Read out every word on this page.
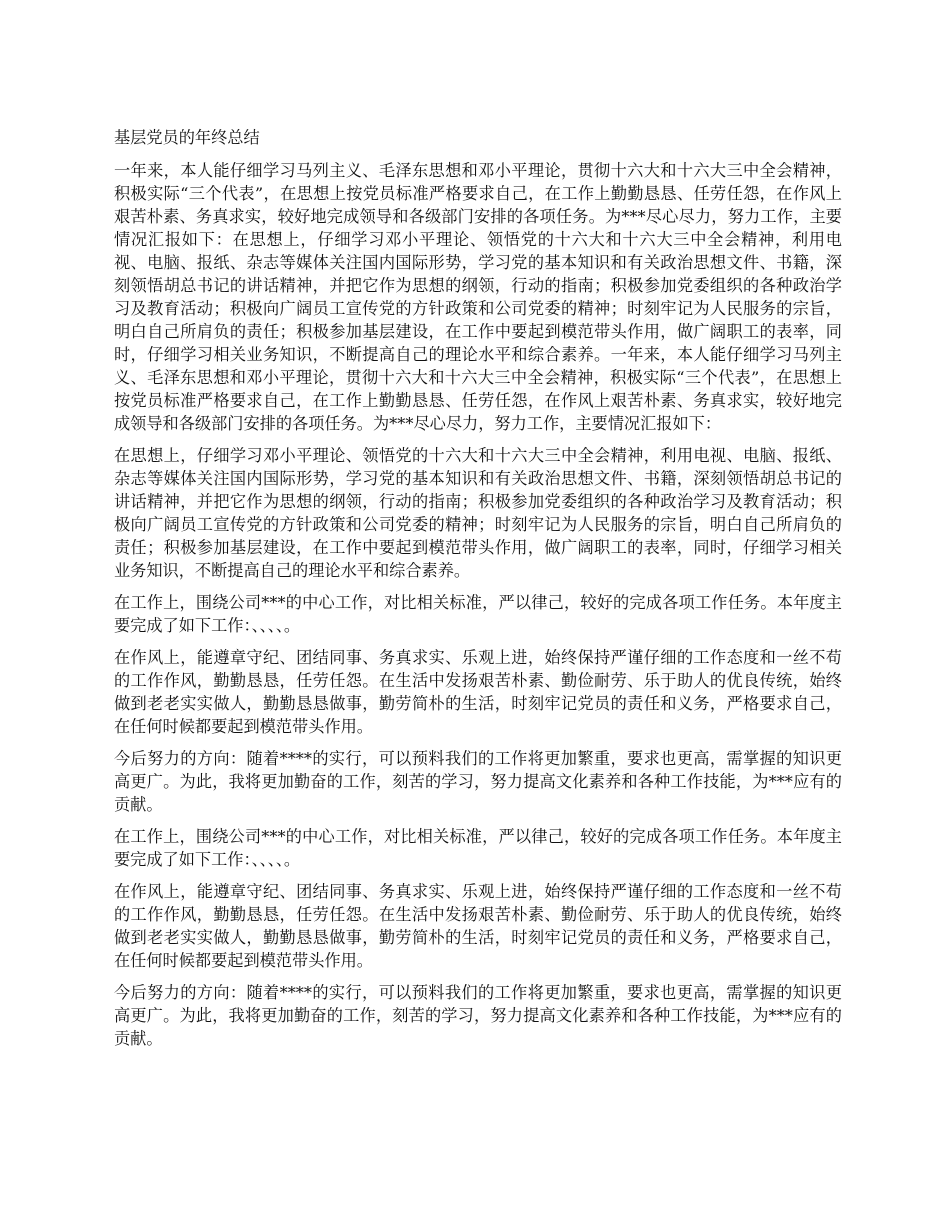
基层党员的年终总结

一年来，本人能仔细学习马列主义、毛泽东思想和邓小平理论，贯彻十六大和十六大三中全会精神，积极实际“三个代表”，在思想上按党员标准严格要求自己，在工作上勤勤恳恳、任劳任怨，在作风上艰苦朴素、务真求实，较好地完成领导和各级部门安排的各项任务。为***尽心尽力，努力工作，主要情况汇报如下：在思想上，仔细学习邓小平理论、领悟党的十六大和十六大三中全会精神，利用电视、电脑、报纸、杂志等媒体关注国内国际形势，学习党的基本知识和有关政治思想文件、书籍，深刻领悟胡总书记的讲话精神，并把它作为思想的纲领，行动的指南；积极参加党委组织的各种政治学习及教育活动；积极向广阔员工宣传党的方针政策和公司党委的精神；时刻牢记为人民服务的宗旨，明白自己所肩负的责任；积极参加基层建设，在工作中要起到模范带头作用，做广阔职工的表率，同时，仔细学习相关业务知识，不断提高自己的理论水平和综合素养。一年来，本人能仔细学习马列主义、毛泽东思想和邓小平理论，贯彻十六大和十六大三中全会精神，积极实际“三个代表”，在思想上按党员标准严格要求自己，在工作上勤勤恳恳、任劳任怨，在作风上艰苦朴素、务真求实，较好地完成领导和各级部门安排的各项任务。为***尽心尽力，努力工作，主要情况汇报如下：

在思想上，仔细学习邓小平理论、领悟党的十六大和十六大三中全会精神，利用电视、电脑、报纸、杂志等媒体关注国内国际形势，学习党的基本知识和有关政治思想文件、书籍，深刻领悟胡总书记的讲话精神，并把它作为思想的纲领，行动的指南；积极参加党委组织的各种政治学习及教育活动；积极向广阔员工宣传党的方针政策和公司党委的精神；时刻牢记为人民服务的宗旨，明白自己所肩负的责任；积极参加基层建设，在工作中要起到模范带头作用，做广阔职工的表率，同时，仔细学习相关业务知识，不断提高自己的理论水平和综合素养。

在工作上，围绕公司***的中心工作，对比相关标准，严以律己，较好的完成各项工作任务。本年度主要完成了如下工作：、、、、。

在作风上，能遵章守纪、团结同事、务真求实、乐观上进，始终保持严谨仔细的工作态度和一丝不苟的工作作风，勤勤恳恳，任劳任怨。在生活中发扬艰苦朴素、勤俭耐劳、乐于助人的优良传统，始终做到老老实实做人，勤勤恳恳做事，勤劳简朴的生活，时刻牢记党员的责任和义务，严格要求自己，在任何时候都要起到模范带头作用。

今后努力的方向：随着****的实行，可以预料我们的工作将更加繁重，要求也更高，需掌握的知识更高更广。为此，我将更加勤奋的工作，刻苦的学习，努力提高文化素养和各种工作技能，为***应有的贡献。

在工作上，围绕公司***的中心工作，对比相关标准，严以律己，较好的完成各项工作任务。本年度主要完成了如下工作：、、、、。

在作风上，能遵章守纪、团结同事、务真求实、乐观上进，始终保持严谨仔细的工作态度和一丝不苟的工作作风，勤勤恳恳，任劳任怨。在生活中发扬艰苦朴素、勤俭耐劳、乐于助人的优良传统，始终做到老老实实做人，勤勤恳恳做事，勤劳简朴的生活，时刻牢记党员的责任和义务，严格要求自己，在任何时候都要起到模范带头作用。

今后努力的方向：随着****的实行，可以预料我们的工作将更加繁重，要求也更高，需掌握的知识更高更广。为此，我将更加勤奋的工作，刻苦的学习，努力提高文化素养和各种工作技能，为***应有的贡献。
